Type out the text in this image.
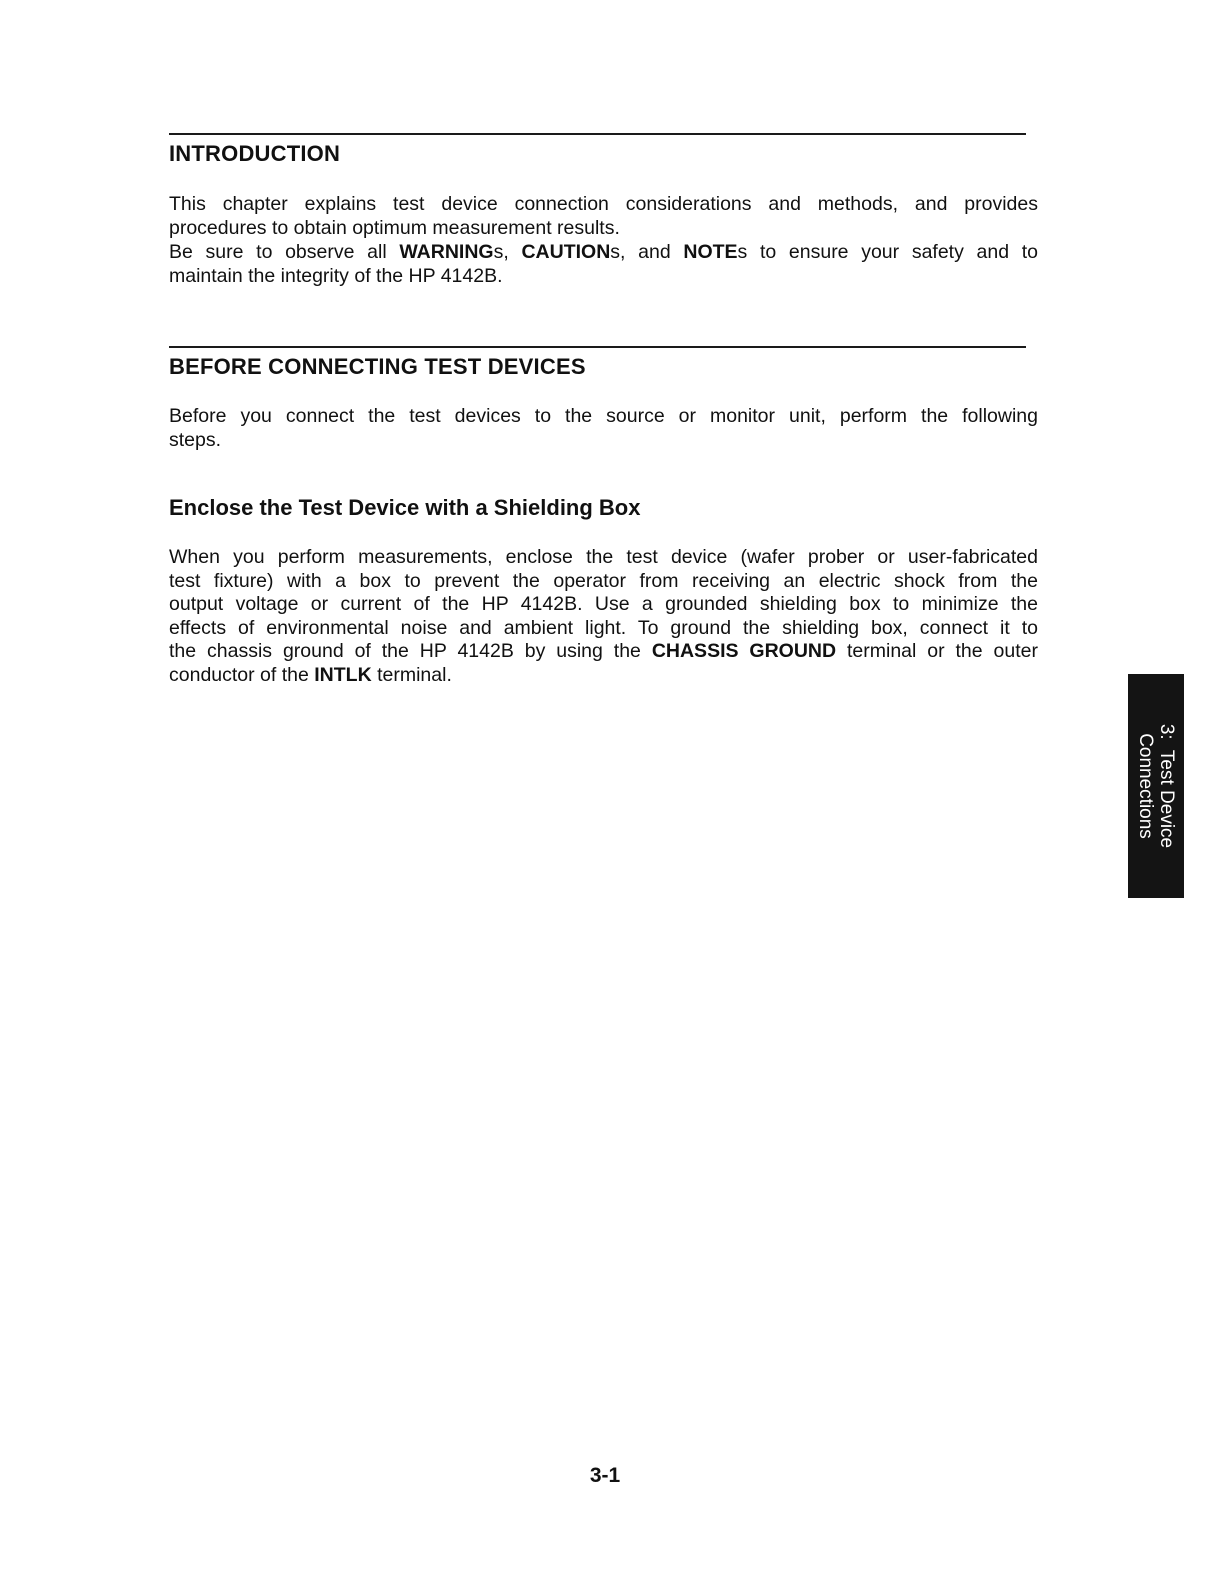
INTRODUCTION

This chapter explains test device connection considerations and methods, and provides
procedures to obtain optimum measurement results.

Be sure to observe all WARNINGs, CAUTIONs, and NOTEs to ensure your safety and to
maintain the integrity of the HP 4142B.

BEFORE CONNECTING TEST DEVICES

Before you connect the test devices to the source or monitor unit, perform the following
steps.

Enclose the Test Device with a Shielding Box

When you perform measurements, enclose the test device (wafer prober or user-fabricated
test fixture) with a box to prevent the operator from receiving an electric shock from the
output voltage or current of the HP 4142B. Use a grounded shielding box to minimize the
effects of environmental noise and ambient light. To ground the shielding box, connect it to
the chassis ground of the HP 4142B by using the CHASSIS GROUND terminal or the outer
conductor of the INTLK terminal.

3:  Test Device
Connections
3-1
